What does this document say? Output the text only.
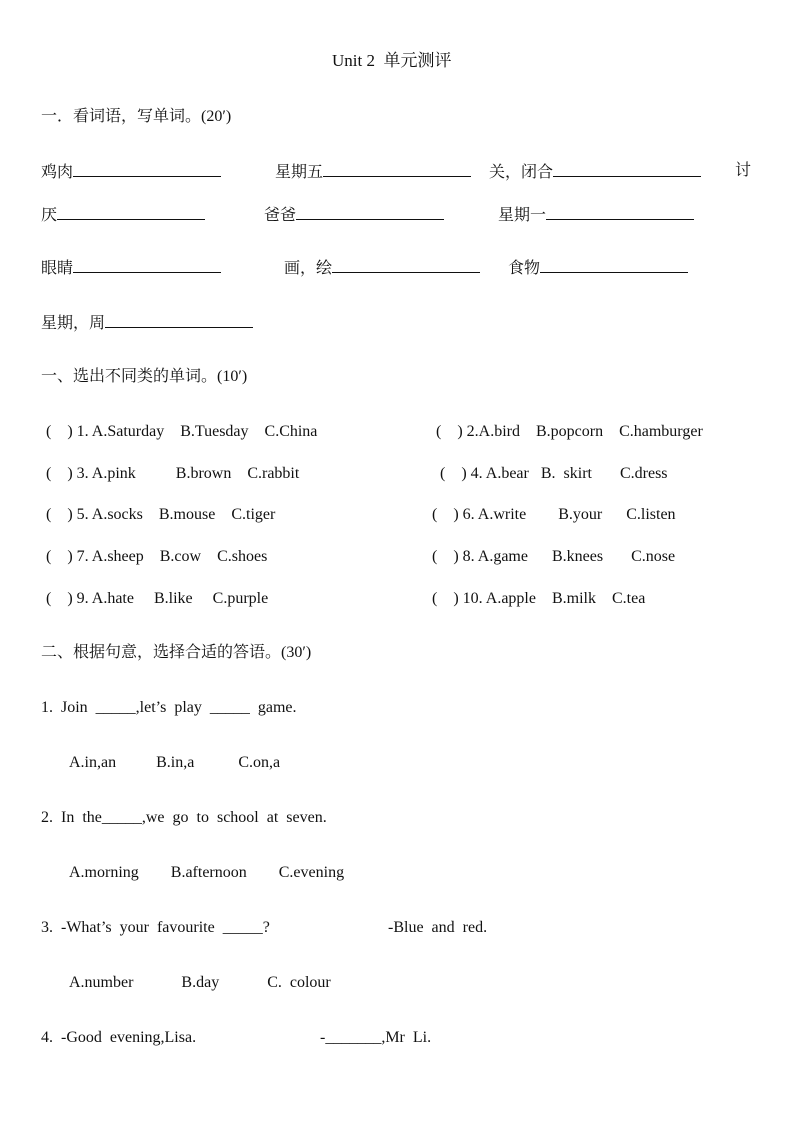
Unit 2  单元测评
一．看词语，写单词。(20′)
鸡肉	星期五	关，闭合	讨
厌	爸爸	星期一
眼睛	画，绘	食物
星期，周
一、选出不同类的单词。(10′)
(    ) 1. A.Saturday    B.Tuesday    C.China	(    ) 2.A.bird    B.popcorn    C.hamburger
(    ) 3. A.pink          B.brown    C.rabbit	(    ) 4. A.bear   B.  skirt       C.dress
(    ) 5. A.socks    B.mouse    C.tiger	(    ) 6. A.write        B.your      C.listen
(    ) 7. A.sheep    B.cow    C.shoes	(    ) 8. A.game      B.knees       C.nose
(    ) 9. A.hate     B.like     C.purple	(    ) 10. A.apple    B.milk    C.tea
二、根据句意，选择合适的答语。(30′)
1.  Join  _____,let’s  play  _____  game.
A.in,an          B.in,a           C.on,a
2.  In  the_____,we  go  to  school  at  seven.
A.morning        B.afternoon        C.evening
3.  -What’s  your  favourite  _____?	-Blue  and  red.
A.number            B.day            C.  colour
4.  -Good  evening,Lisa.	-_______,Mr  Li.
